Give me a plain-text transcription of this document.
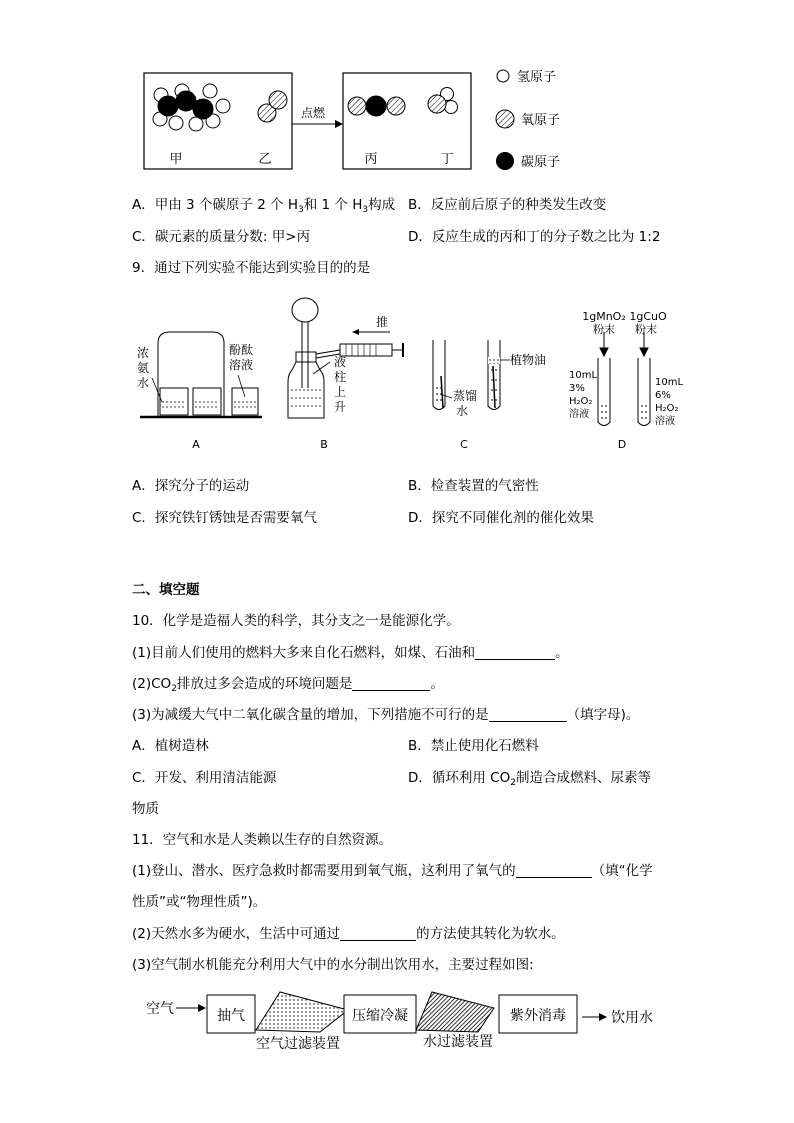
甲	乙
点燃
丙	丁
氢原子
氧原子
碳原子
A．甲由 3 个碳原子 2 个 $H_3$和 1 个 $H_3$构成 B．反应前后原子的种类发生改变
C．碳元素的质量分数: 甲>丙	D．反应生成的丙和丁的分子数之比为 1:2
9．通过下列实验不能达到实验目的的是
浓
氨
水
酚酞
溶液
A
推
液
柱
上
升
B
植物油
蒸馏
水
C
1gMnO₂
粉末
1gCuO
粉末
10mL
3%
H₂O₂
溶液
10mL
6%
H₂O₂
溶液
D
A．探究分子的运动	B．检查装置的气密性
C．探究铁钉锈蚀是否需要氧气	D．探究不同催化剂的催化效果
二、填空题
10．化学是造福人类的科学，其分支之一是能源化学。
(1)目前人们使用的燃料大多来自化石燃料，如煤、石油和	。
$(2)CO_2$排放过多会造成的环境问题是	。
(3)为减缓大气中二氧化碳含量的增加，下列措施不可行的是	（填字母)。
A．植树造林	B．禁止使用化石燃料
C．开发、利用清洁能源	D．循环利用 $CO_2$制造合成燃料、尿素等
物质
11．空气和水是人类赖以生存的自然资源。
(1)登山、潜水、医疗急救时都需要用到氧气瓶，这利用了氧气的	（填“化学
性质”或“物理性质”)。
(2)天然水多为硬水，生活中可通过	的方法使其转化为软水。
(3)空气制水机能充分利用大气中的水分制出饮用水，主要过程如图:
空气	抽气
空气过滤装置
压缩冷凝
水过滤装置
紫外消毒	饮用水
